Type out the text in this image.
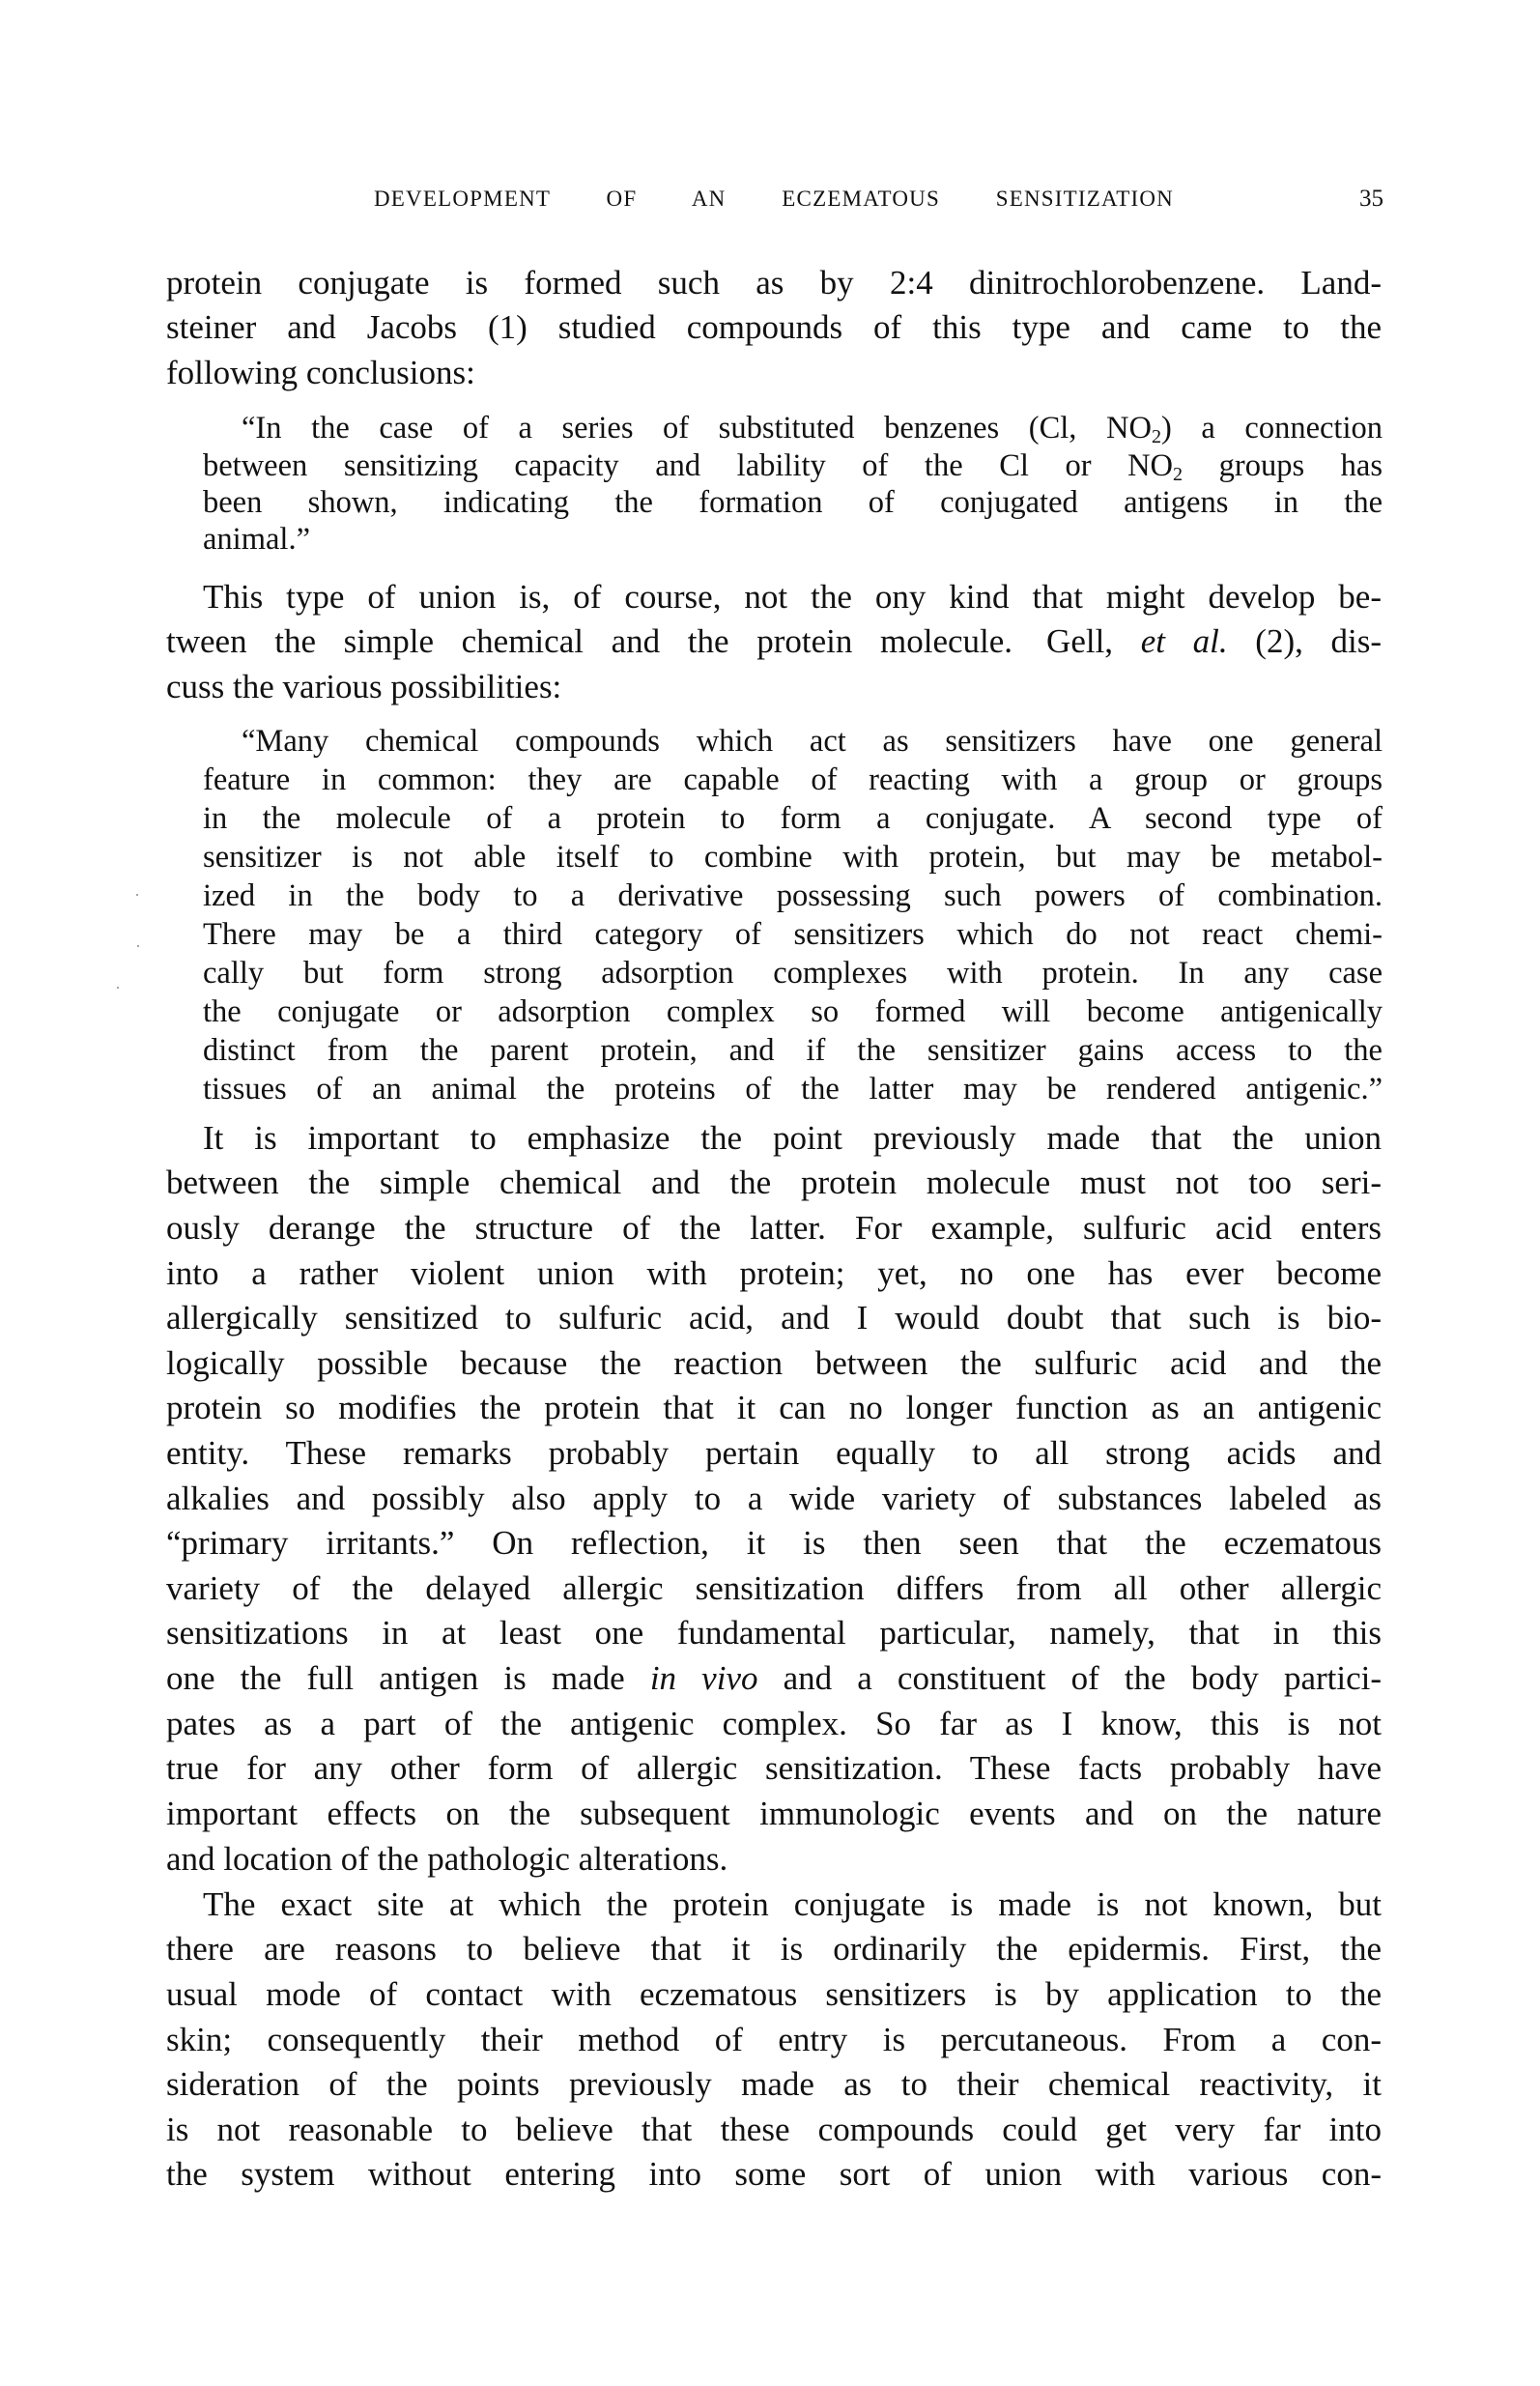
DEVELOPMENT OF AN ECZEMATOUS SENSITIZATION	35
protein conjugate is formed such as by 2:4 dinitrochlorobenzene. Land-
steiner and Jacobs (1) studied compounds of this type and came to the
following conclusions:
“In the case of a series of substituted benzenes (Cl, $NO_2$) a connection
between sensitizing capacity and lability of the Cl or $NO_2$ groups has
been shown, indicating the formation of conjugated antigens in the
animal.”
This type of union is, of course, not the ony kind that might develop be-
tween the simple chemical and the protein molecule. Gell, et al. (2), dis-
cuss the various possibilities:
“Many chemical compounds which act as sensitizers have one general
feature in common: they are capable of reacting with a group or groups
in the molecule of a protein to form a conjugate. A second type of
sensitizer is not able itself to combine with protein, but may be metabol-
ized in the body to a derivative possessing such powers of combination.
There may be a third category of sensitizers which do not react chemi-
cally but form strong adsorption complexes with protein. In any case
the conjugate or adsorption complex so formed will become antigenically
distinct from the parent protein, and if the sensitizer gains access to the
tissues of an animal the proteins of the latter may be rendered antigenic.”
It is important to emphasize the point previously made that the union
between the simple chemical and the protein molecule must not too seri-
ously derange the structure of the latter. For example, sulfuric acid enters
into a rather violent union with protein; yet, no one has ever become
allergically sensitized to sulfuric acid, and I would doubt that such is bio-
logically possible because the reaction between the sulfuric acid and the
protein so modifies the protein that it can no longer function as an antigenic
entity. These remarks probably pertain equally to all strong acids and
alkalies and possibly also apply to a wide variety of substances labeled as
“primary irritants.” On reflection, it is then seen that the eczematous
variety of the delayed allergic sensitization differs from all other allergic
sensitizations in at least one fundamental particular, namely, that in this
one the full antigen is made in vivo and a constituent of the body partici-
pates as a part of the antigenic complex. So far as I know, this is not
true for any other form of allergic sensitization. These facts probably have
important effects on the subsequent immunologic events and on the nature
and location of the pathologic alterations.
The exact site at which the protein conjugate is made is not known, but
there are reasons to believe that it is ordinarily the epidermis. First, the
usual mode of contact with eczematous sensitizers is by application to the
skin; consequently their method of entry is percutaneous. From a con-
sideration of the points previously made as to their chemical reactivity, it
is not reasonable to believe that these compounds could get very far into
the system without entering into some sort of union with various con-
